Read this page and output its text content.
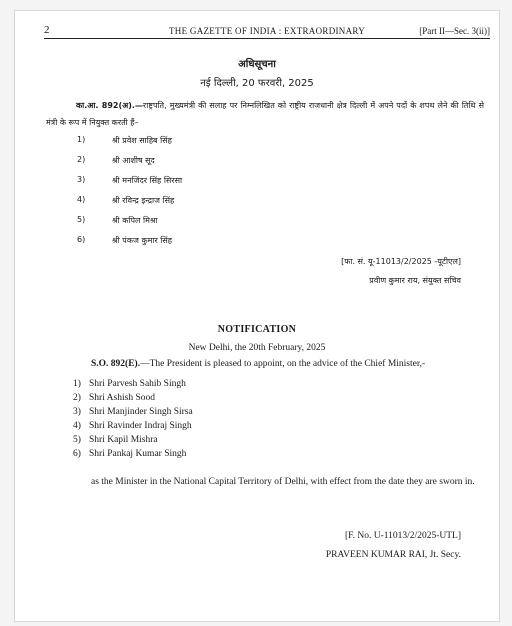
2	THE GAZETTE OF INDIA : EXTRAORDINARY	[Part II—Sec. 3(ii)]
अधिसूचना
नई दिल्ली, 20 फरवरी, 2025
का.आ. 892(अ).—राष्ट्रपति, मुख्यमंत्री की सलाह पर निम्नलिखित को राष्ट्रीय राजधानी क्षेत्र दिल्ली में अपने पदों के शपथ लेने की तिथि से मंत्री के रूप में नियुक्त करती हैं–
1)	श्री प्रवेश साहिब सिंह
2)	श्री आशीष सूद
3)	श्री मनजिंदर सिंह सिरसा
4)	श्री रविन्द्र इन्द्राज सिंह
5)	श्री कपिल मिश्रा
6)	श्री पंकज कुमार सिंह
[फा. सं. यू-11013/2/2025 -यूटीएल]
प्रवीण कुमार राय, संयुक्त सचिव
NOTIFICATION
New Delhi, the 20th February, 2025
S.O. 892(E).—The President is pleased to appoint, on the advice of the Chief Minister,-
1) Shri Parvesh Sahib Singh
2) Shri Ashish Sood
3) Shri Manjinder Singh Sirsa
4) Shri Ravinder Indraj Singh
5) Shri Kapil Mishra
6) Shri Pankaj Kumar Singh
as the Minister in the National Capital Territory of Delhi, with effect from the date they are sworn in.
[F. No. U-11013/2/2025-UTL]
PRAVEEN KUMAR RAI, Jt. Secy.
